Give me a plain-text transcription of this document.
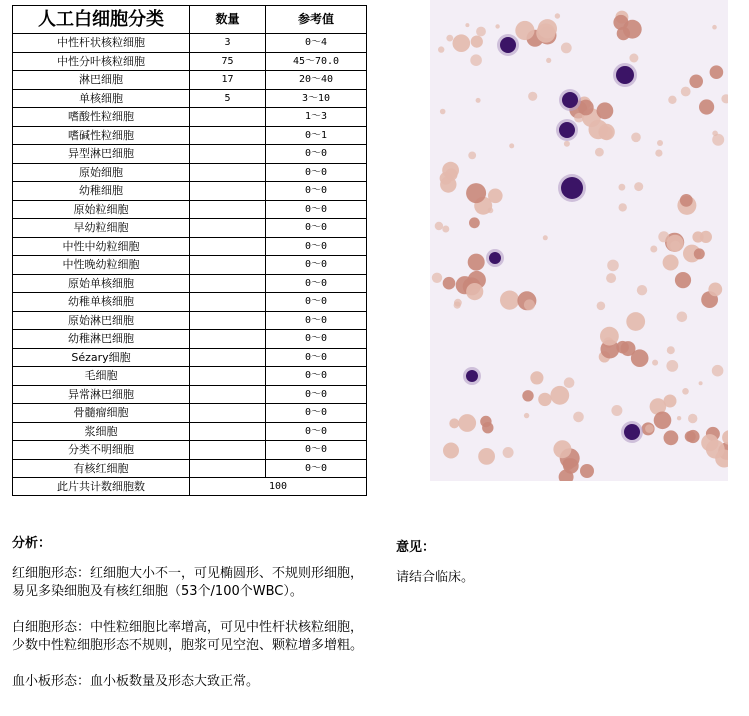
人工白细胞分类	数量	参考值
中性杆状核粒细胞	3	0～4
中性分叶核粒细胞	75	45～70.0
淋巴细胞	17	20～40
单核细胞	5	3～10
嗜酸性粒细胞		1～3
嗜碱性粒细胞		0～1
异型淋巴细胞		0～0
原始细胞		0～0
幼稚细胞		0～0
原始粒细胞		0～0
早幼粒细胞		0～0
中性中幼粒细胞		0～0
中性晚幼粒细胞		0～0
原始单核细胞		0～0
幼稚单核细胞		0～0
原始淋巴细胞		0～0
幼稚淋巴细胞		0～0
Sézary细胞		0～0
毛细胞		0～0
异常淋巴细胞		0～0
骨髓瘤细胞		0～0
浆细胞		0～0
分类不明细胞		0～0
有核红细胞		0～0
此片共计数细胞数	100	
分析：

红细胞形态：红细胞大小不一，可见椭圆形、不规则形细胞，易见多染细胞及有核红细胞（53个/100个WBC）。

白细胞形态：中性粒细胞比率增高，可见中性杆状核粒细胞，少数中性粒细胞形态不规则，胞浆可见空泡、颗粒增多增粗。

血小板形态：血小板数量及形态大致正常。

意见：

请结合临床。
